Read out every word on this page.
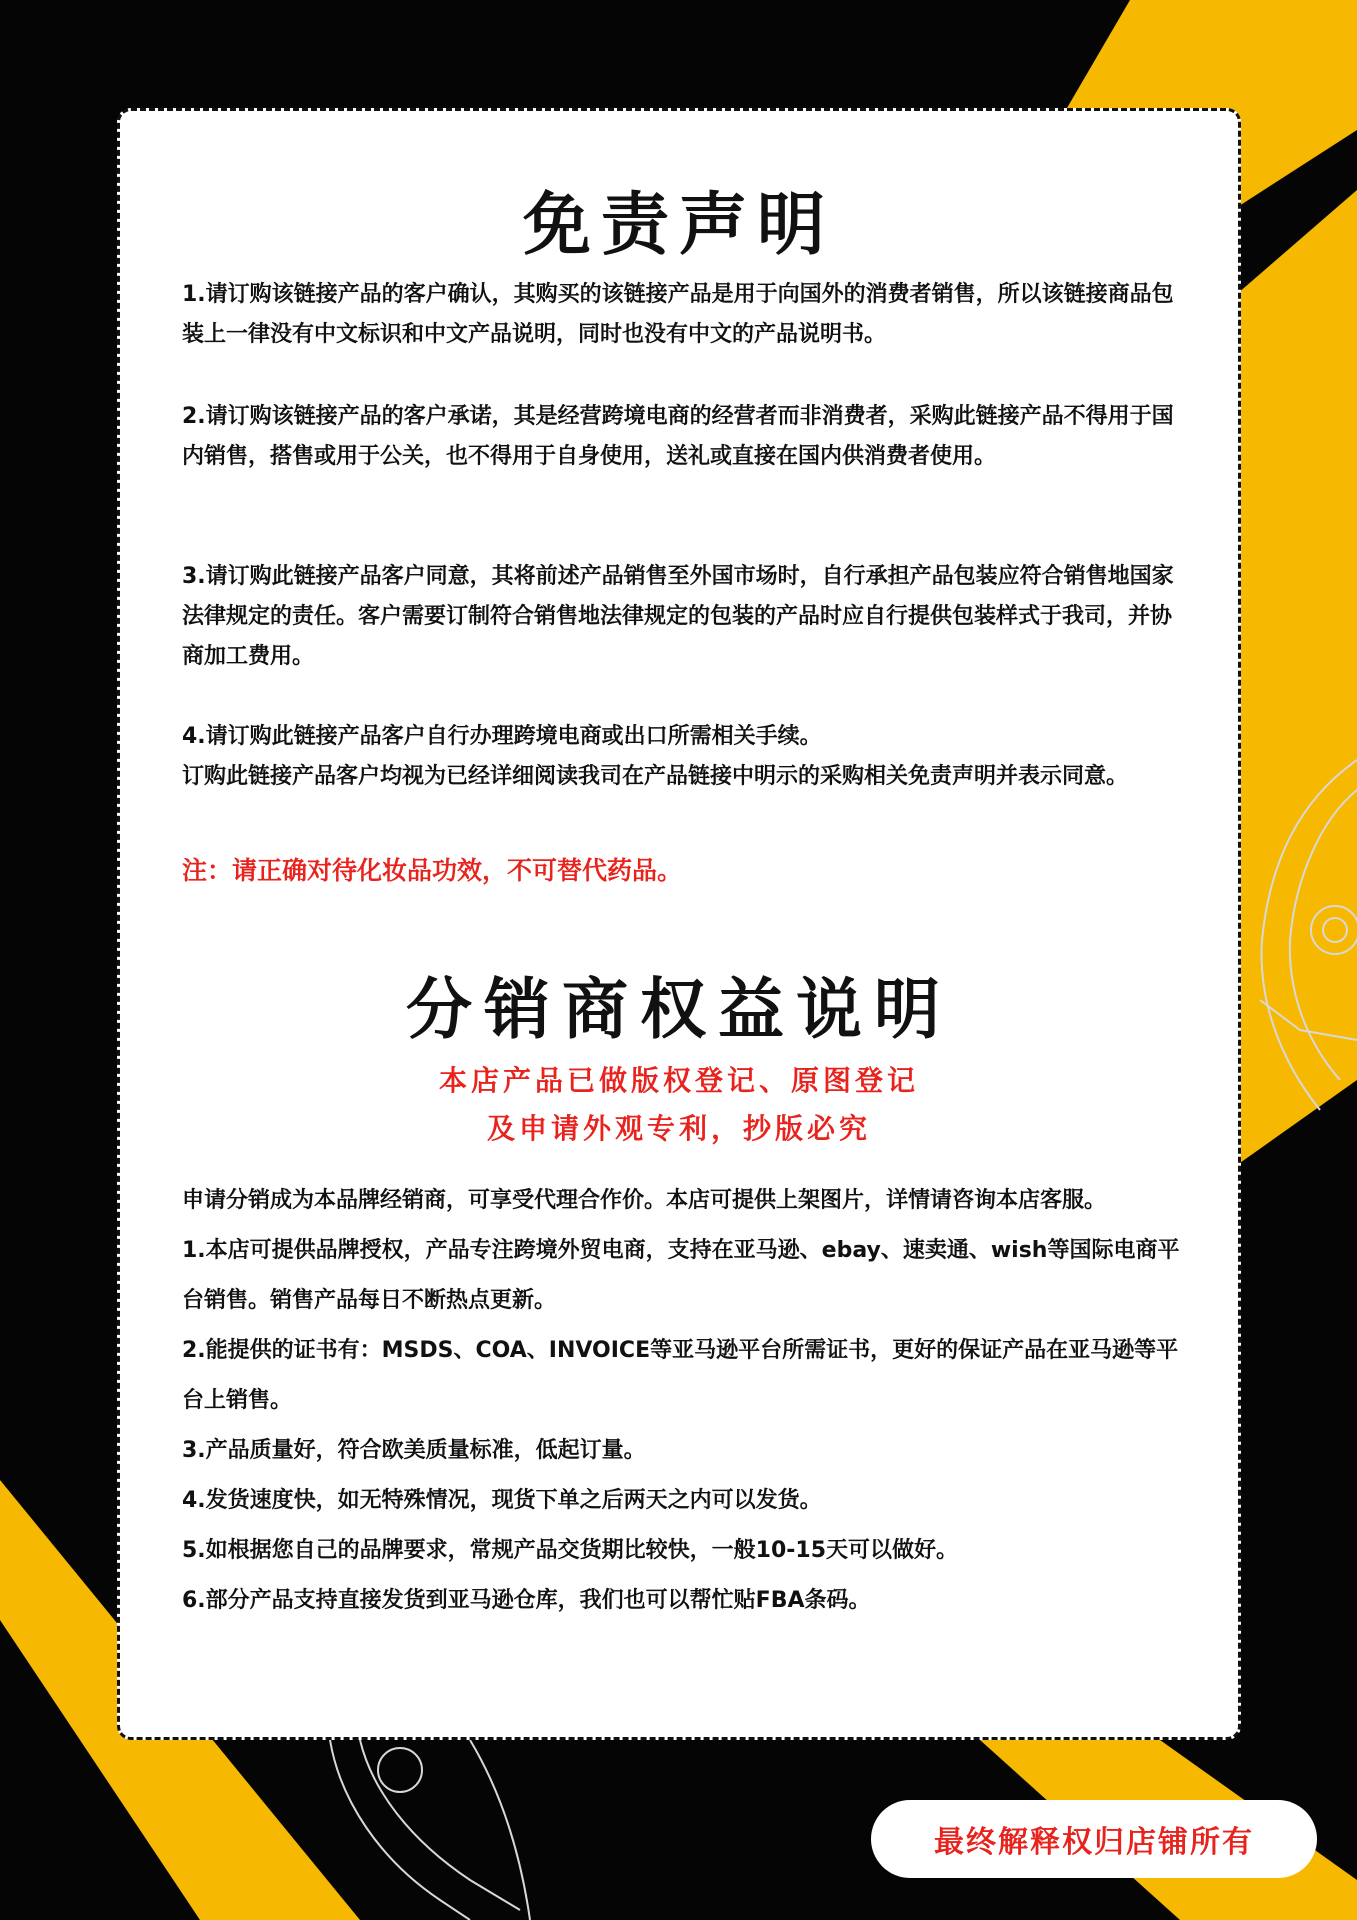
免责声明
1.请订购该链接产品的客户确认，其购买的该链接产品是用于向国外的消费者销售，所以该链接商品包装上一律没有中文标识和中文产品说明，同时也没有中文的产品说明书。
2.请订购该链接产品的客户承诺，其是经营跨境电商的经营者而非消费者，采购此链接产品不得用于国内销售，搭售或用于公关，也不得用于自身使用，送礼或直接在国内供消费者使用。
3.请订购此链接产品客户同意，其将前述产品销售至外国市场时，自行承担产品包装应符合销售地国家法律规定的责任。客户需要订制符合销售地法律规定的包装的产品时应自行提供包装样式于我司，并协商加工费用。
4.请订购此链接产品客户自行办理跨境电商或出口所需相关手续。
订购此链接产品客户均视为已经详细阅读我司在产品链接中明示的采购相关免责声明并表示同意。
注：请正确对待化妆品功效，不可替代药品。
分销商权益说明
本店产品已做版权登记、原图登记
及申请外观专利，抄版必究
申请分销成为本品牌经销商，可享受代理合作价。本店可提供上架图片，详情请咨询本店客服。
1.本店可提供品牌授权，产品专注跨境外贸电商，支持在亚马逊、ebay、速卖通、wish等国际电商平台销售。销售产品每日不断热点更新。
2.能提供的证书有：MSDS、COA、INVOICE等亚马逊平台所需证书，更好的保证产品在亚马逊等平台上销售。
3.产品质量好，符合欧美质量标准，低起订量。
4.发货速度快，如无特殊情况，现货下单之后两天之内可以发货。
5.如根据您自己的品牌要求，常规产品交货期比较快，一般10-15天可以做好。
6.部分产品支持直接发货到亚马逊仓库，我们也可以帮忙贴FBA条码。
最终解释权归店铺所有
